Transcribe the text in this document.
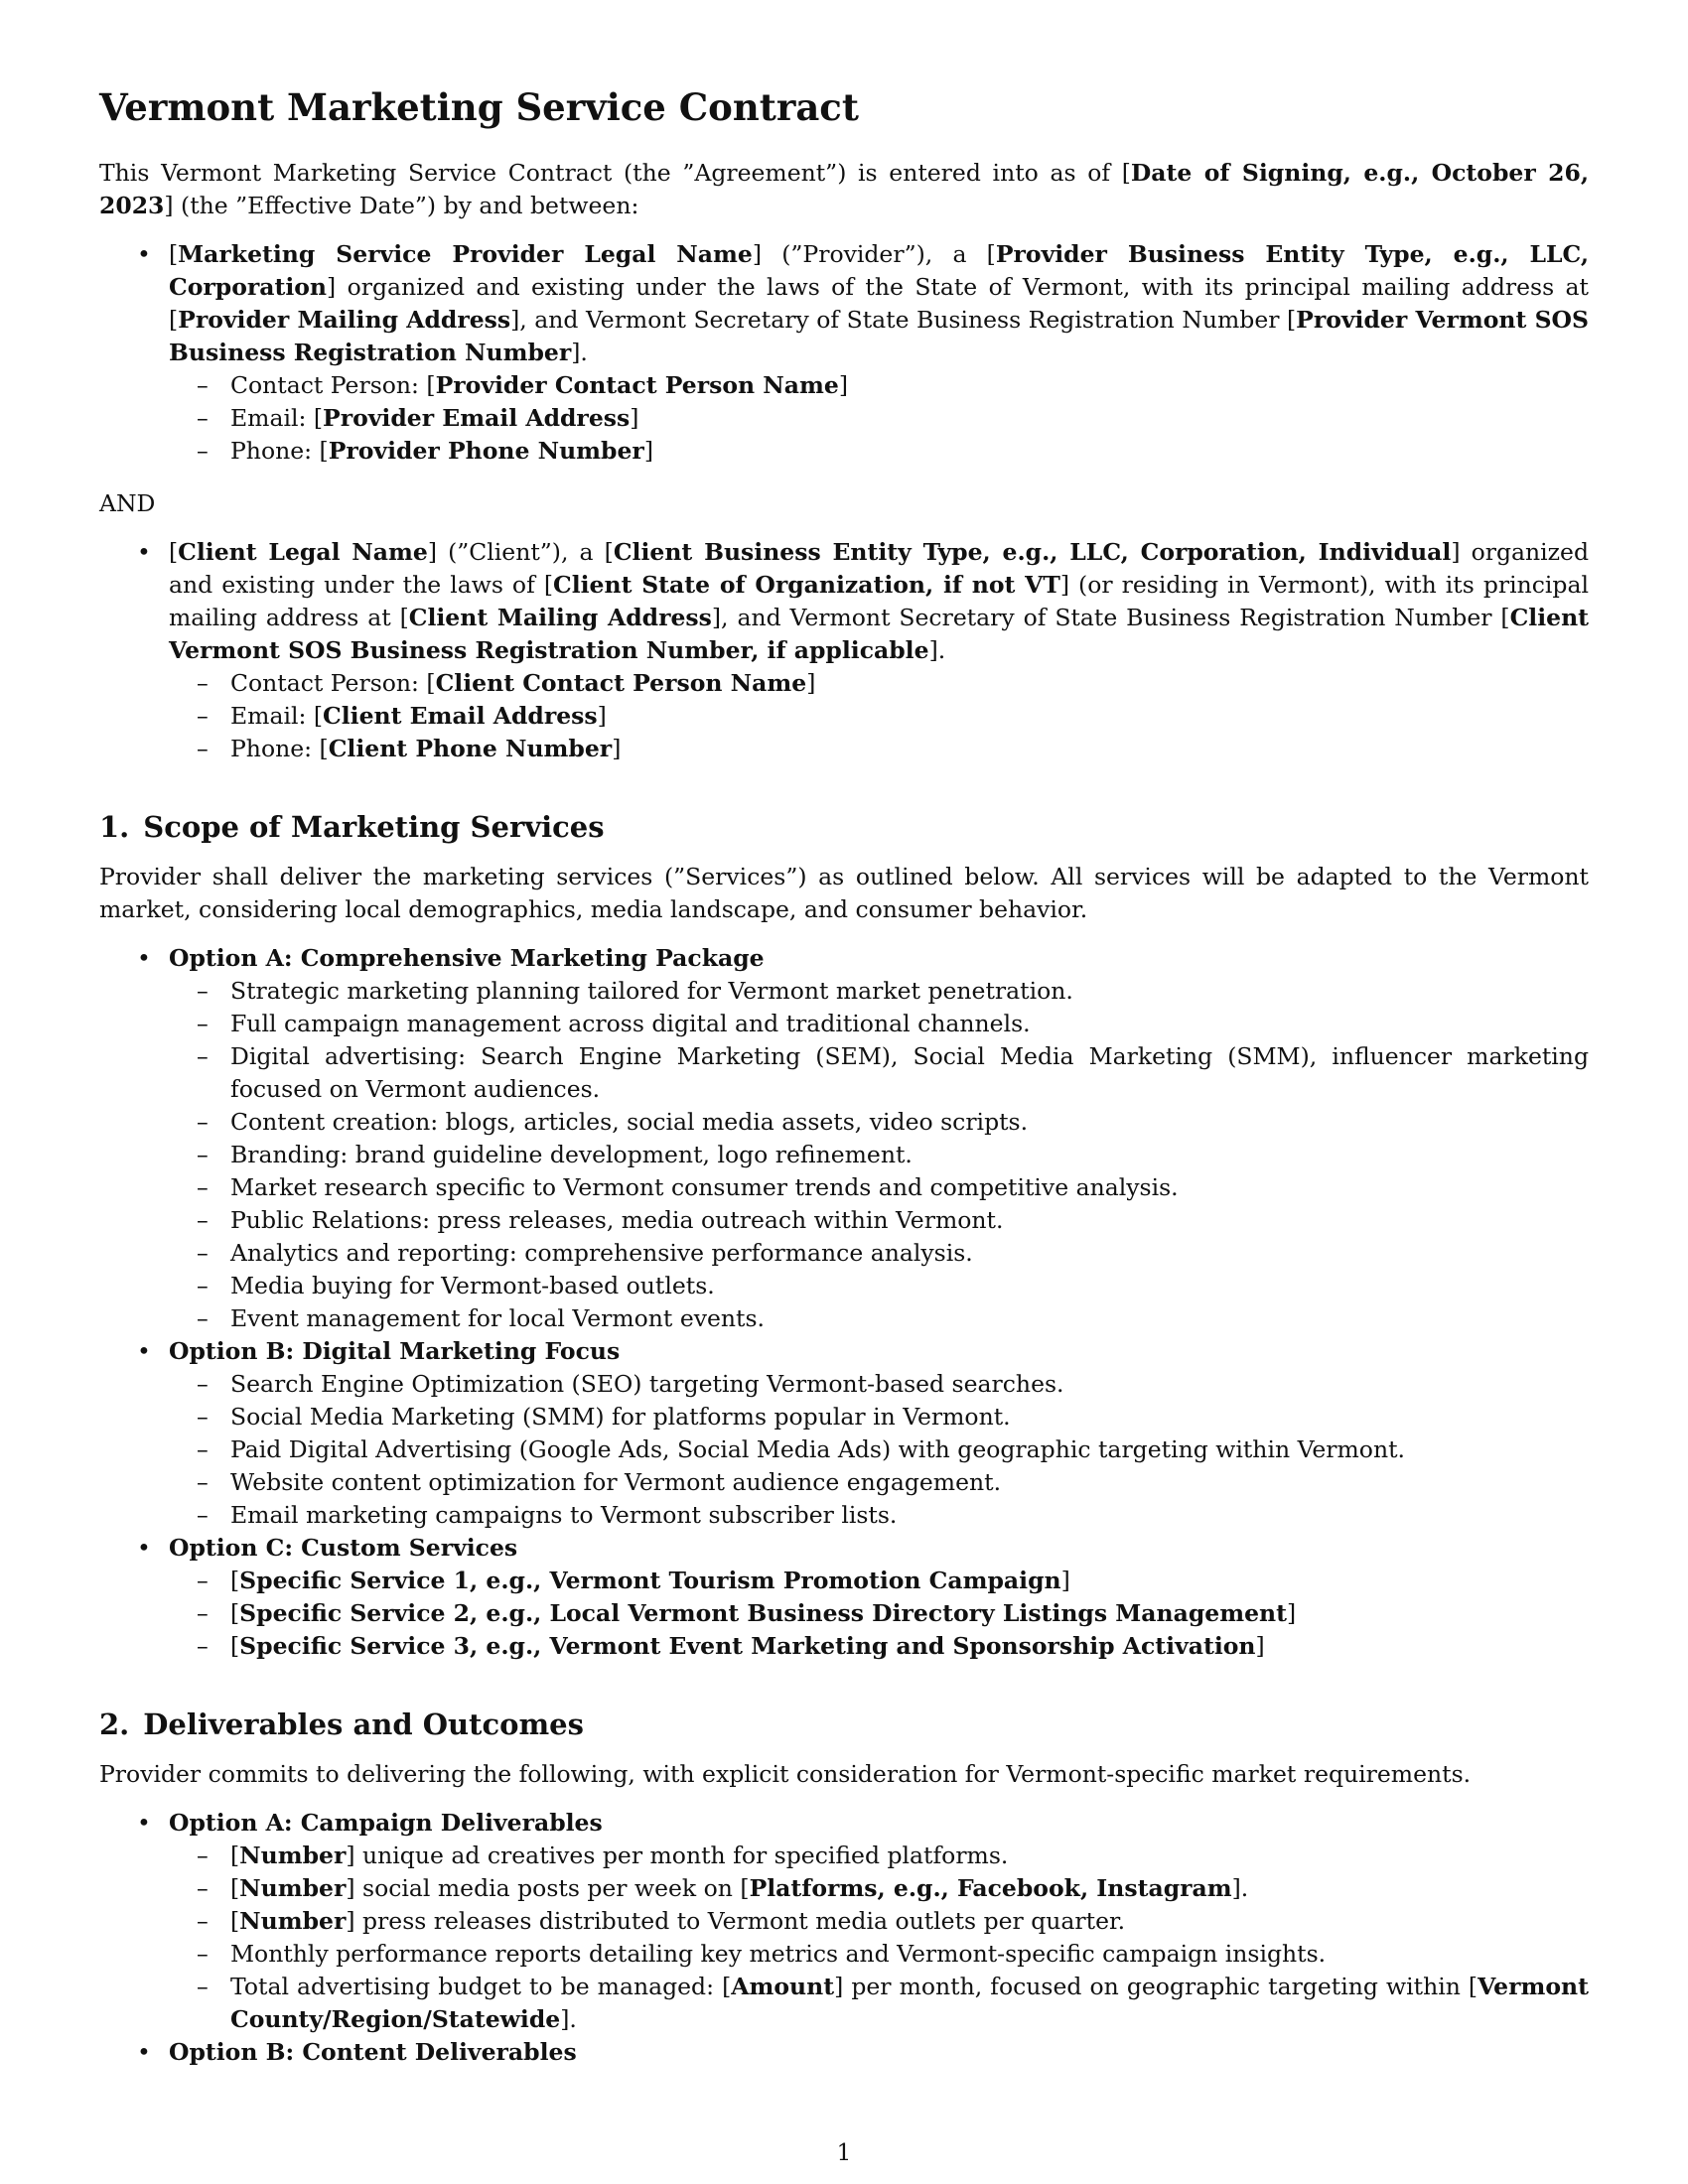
Vermont Marketing Service Contract

This Vermont Marketing Service Contract (the ”Agreement”) is entered into as of [Date of Signing, e.g., October 26, 2023] (the ”Effective Date”) by and between:

• [Marketing Service Provider Legal Name] (”Provider”), a [Provider Business Entity Type, e.g., LLC, Corporation] organized and existing under the laws of the State of Vermont, with its principal mailing address at [Provider Mailing Address], and Vermont Secretary of State Business Registration Number [Provider Vermont SOS Business Registration Number].
– Contact Person: [Provider Contact Person Name]
– Email: [Provider Email Address]
– Phone: [Provider Phone Number]

AND

• [Client Legal Name] (”Client”), a [Client Business Entity Type, e.g., LLC, Corporation, Individual] organized and existing under the laws of [Client State of Organization, if not VT] (or residing in Vermont), with its principal mailing address at [Client Mailing Address], and Vermont Secretary of State Business Registration Number [Client Vermont SOS Business Registration Number, if applicable].
– Contact Person: [Client Contact Person Name]
– Email: [Client Email Address]
– Phone: [Client Phone Number]
1. Scope of Marketing Services

Provider shall deliver the marketing services (”Services”) as outlined below. All services will be adapted to the Vermont market, considering local demographics, media landscape, and consumer behavior.

• Option A: Comprehensive Marketing Package
– Strategic marketing planning tailored for Vermont market penetration.
– Full campaign management across digital and traditional channels.
– Digital advertising: Search Engine Marketing (SEM), Social Media Marketing (SMM), influencer marketing focused on Vermont audiences.
– Content creation: blogs, articles, social media assets, video scripts.
– Branding: brand guideline development, logo refinement.
– Market research specific to Vermont consumer trends and competitive analysis.
– Public Relations: press releases, media outreach within Vermont.
– Analytics and reporting: comprehensive performance analysis.
– Media buying for Vermont-based outlets.
– Event management for local Vermont events.
• Option B: Digital Marketing Focus
– Search Engine Optimization (SEO) targeting Vermont-based searches.
– Social Media Marketing (SMM) for platforms popular in Vermont.
– Paid Digital Advertising (Google Ads, Social Media Ads) with geographic targeting within Vermont.
– Website content optimization for Vermont audience engagement.
– Email marketing campaigns to Vermont subscriber lists.
• Option C: Custom Services
– [Specific Service 1, e.g., Vermont Tourism Promotion Campaign]
– [Specific Service 2, e.g., Local Vermont Business Directory Listings Management]
– [Specific Service 3, e.g., Vermont Event Marketing and Sponsorship Activation]
2. Deliverables and Outcomes

Provider commits to delivering the following, with explicit consideration for Vermont-specific market requirements.

• Option A: Campaign Deliverables
– [Number] unique ad creatives per month for specified platforms.
– [Number] social media posts per week on [Platforms, e.g., Facebook, Instagram].
– [Number] press releases distributed to Vermont media outlets per quarter.
– Monthly performance reports detailing key metrics and Vermont-specific campaign insights.
– Total advertising budget to be managed: [Amount] per month, focused on geographic targeting within [Vermont County/Region/Statewide].
• Option B: Content Deliverables
1
